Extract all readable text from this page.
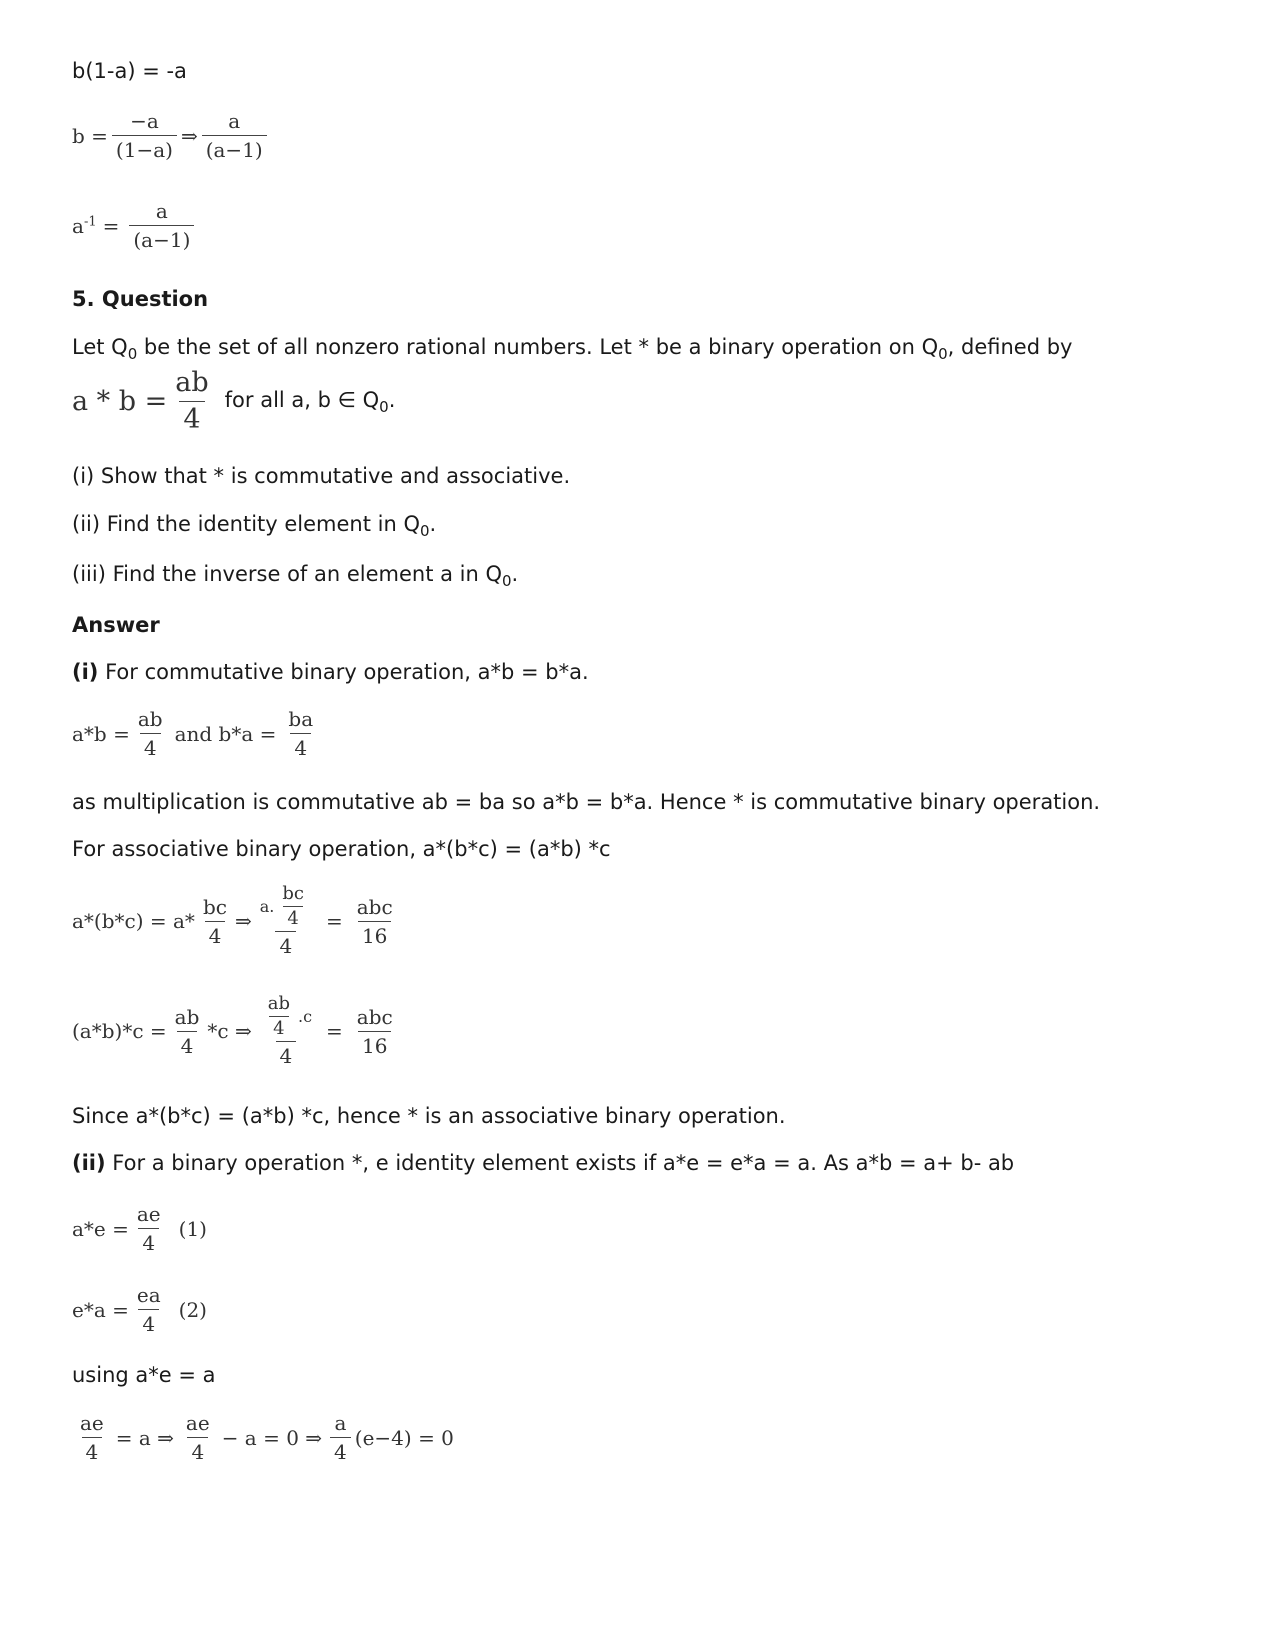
b(1-a) = -a
$b = \frac{-a}{(1-a)}$ ⇒ $\frac{a}{(a-1)}$
$a^{-1} = \frac{a}{(a-1)}$
5. Question
Let $Q_0$ be the set of all nonzero rational numbers. Let * be a binary operation on $Q_0$, defined by
$a * b = \frac{ab}{4}$ for all a, b ∈ $Q_0$.
(i) Show that * is commutative and associative.
(ii) Find the identity element in $Q_0$.
(iii) Find the inverse of an element a in $Q_0$.
Answer
(i) For commutative binary operation, a*b = b*a.
$a*b = \frac{ab}{4}$ and $b*a = \frac{ba}{4}$
as multiplication is commutative ab = ba so a*b = b*a. Hence * is commutative binary operation.
For associative binary operation, a*(b*c) = (a*b) *c
$a*(b*c) = a* \frac{bc}{4}$ ⇒ $\frac{a. \frac{bc}{4}}{4} = \frac{\text{abc}}{16}$
$(a*b)*c = \frac{ab}{4} *c$ ⇒ $\frac{\frac{ab}{4} .c}{4} = \frac{\text{abc}}{16}$
Since a*(b*c) = (a*b) *c, hence * is an associative binary operation.
(ii) For a binary operation *, e identity element exists if a*e = e*a = a. As a*b = a+ b- ab
$a*e = \frac{ae}{4} (1)$
$e*a = \frac{ea}{4} (2)$
using a*e = a
$\frac{ae}{4} = a$ ⇒ $\frac{ae}{4} - a = 0$ ⇒ $\frac{a}{4} (e-4) = 0$
